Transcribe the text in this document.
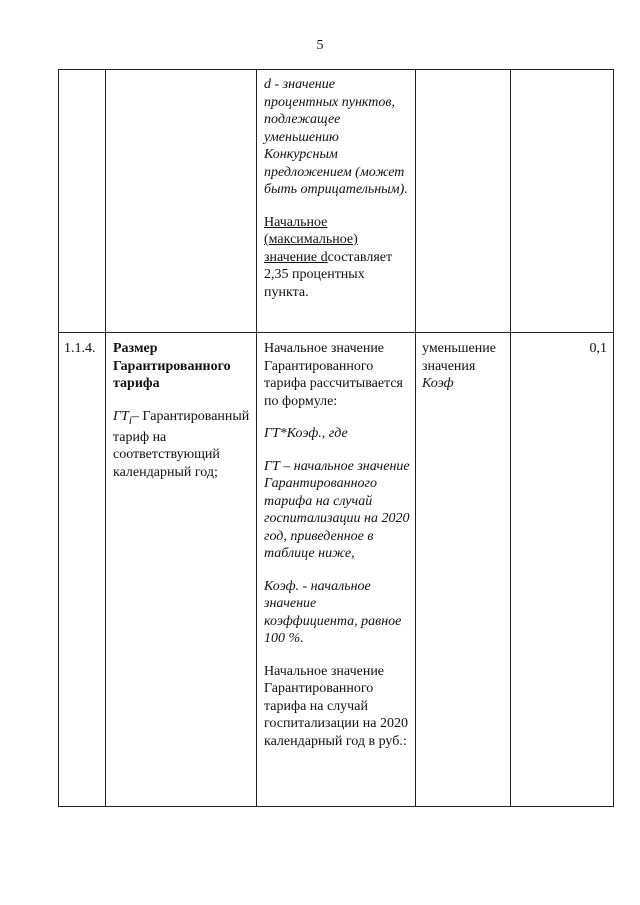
5

d - значение процентных пунктов, подлежащее уменьшению Конкурсным предложением (может быть отрицательным).

Начальное (максимальное) значение dсоставляет 2,35 процентных пункта.

1.1.4.	Размер Гарантированного тарифа

$ГТ_i-$ Гарантированный тариф на соответствующий календарный год;

Начальное значение Гарантированного тарифа рассчитывается по формуле:

ГТ*Коэф., где

ГТ – начальное значение Гарантированного тарифа на случай госпитализации на 2020 год, приведенное в таблице ниже,

Коэф. - начальное значение коэффициента, равное 100 %.

Начальное значение Гарантированного тарифа на случай госпитализации на 2020 календарный год в руб.:

уменьшение значения Коэф
0,1
